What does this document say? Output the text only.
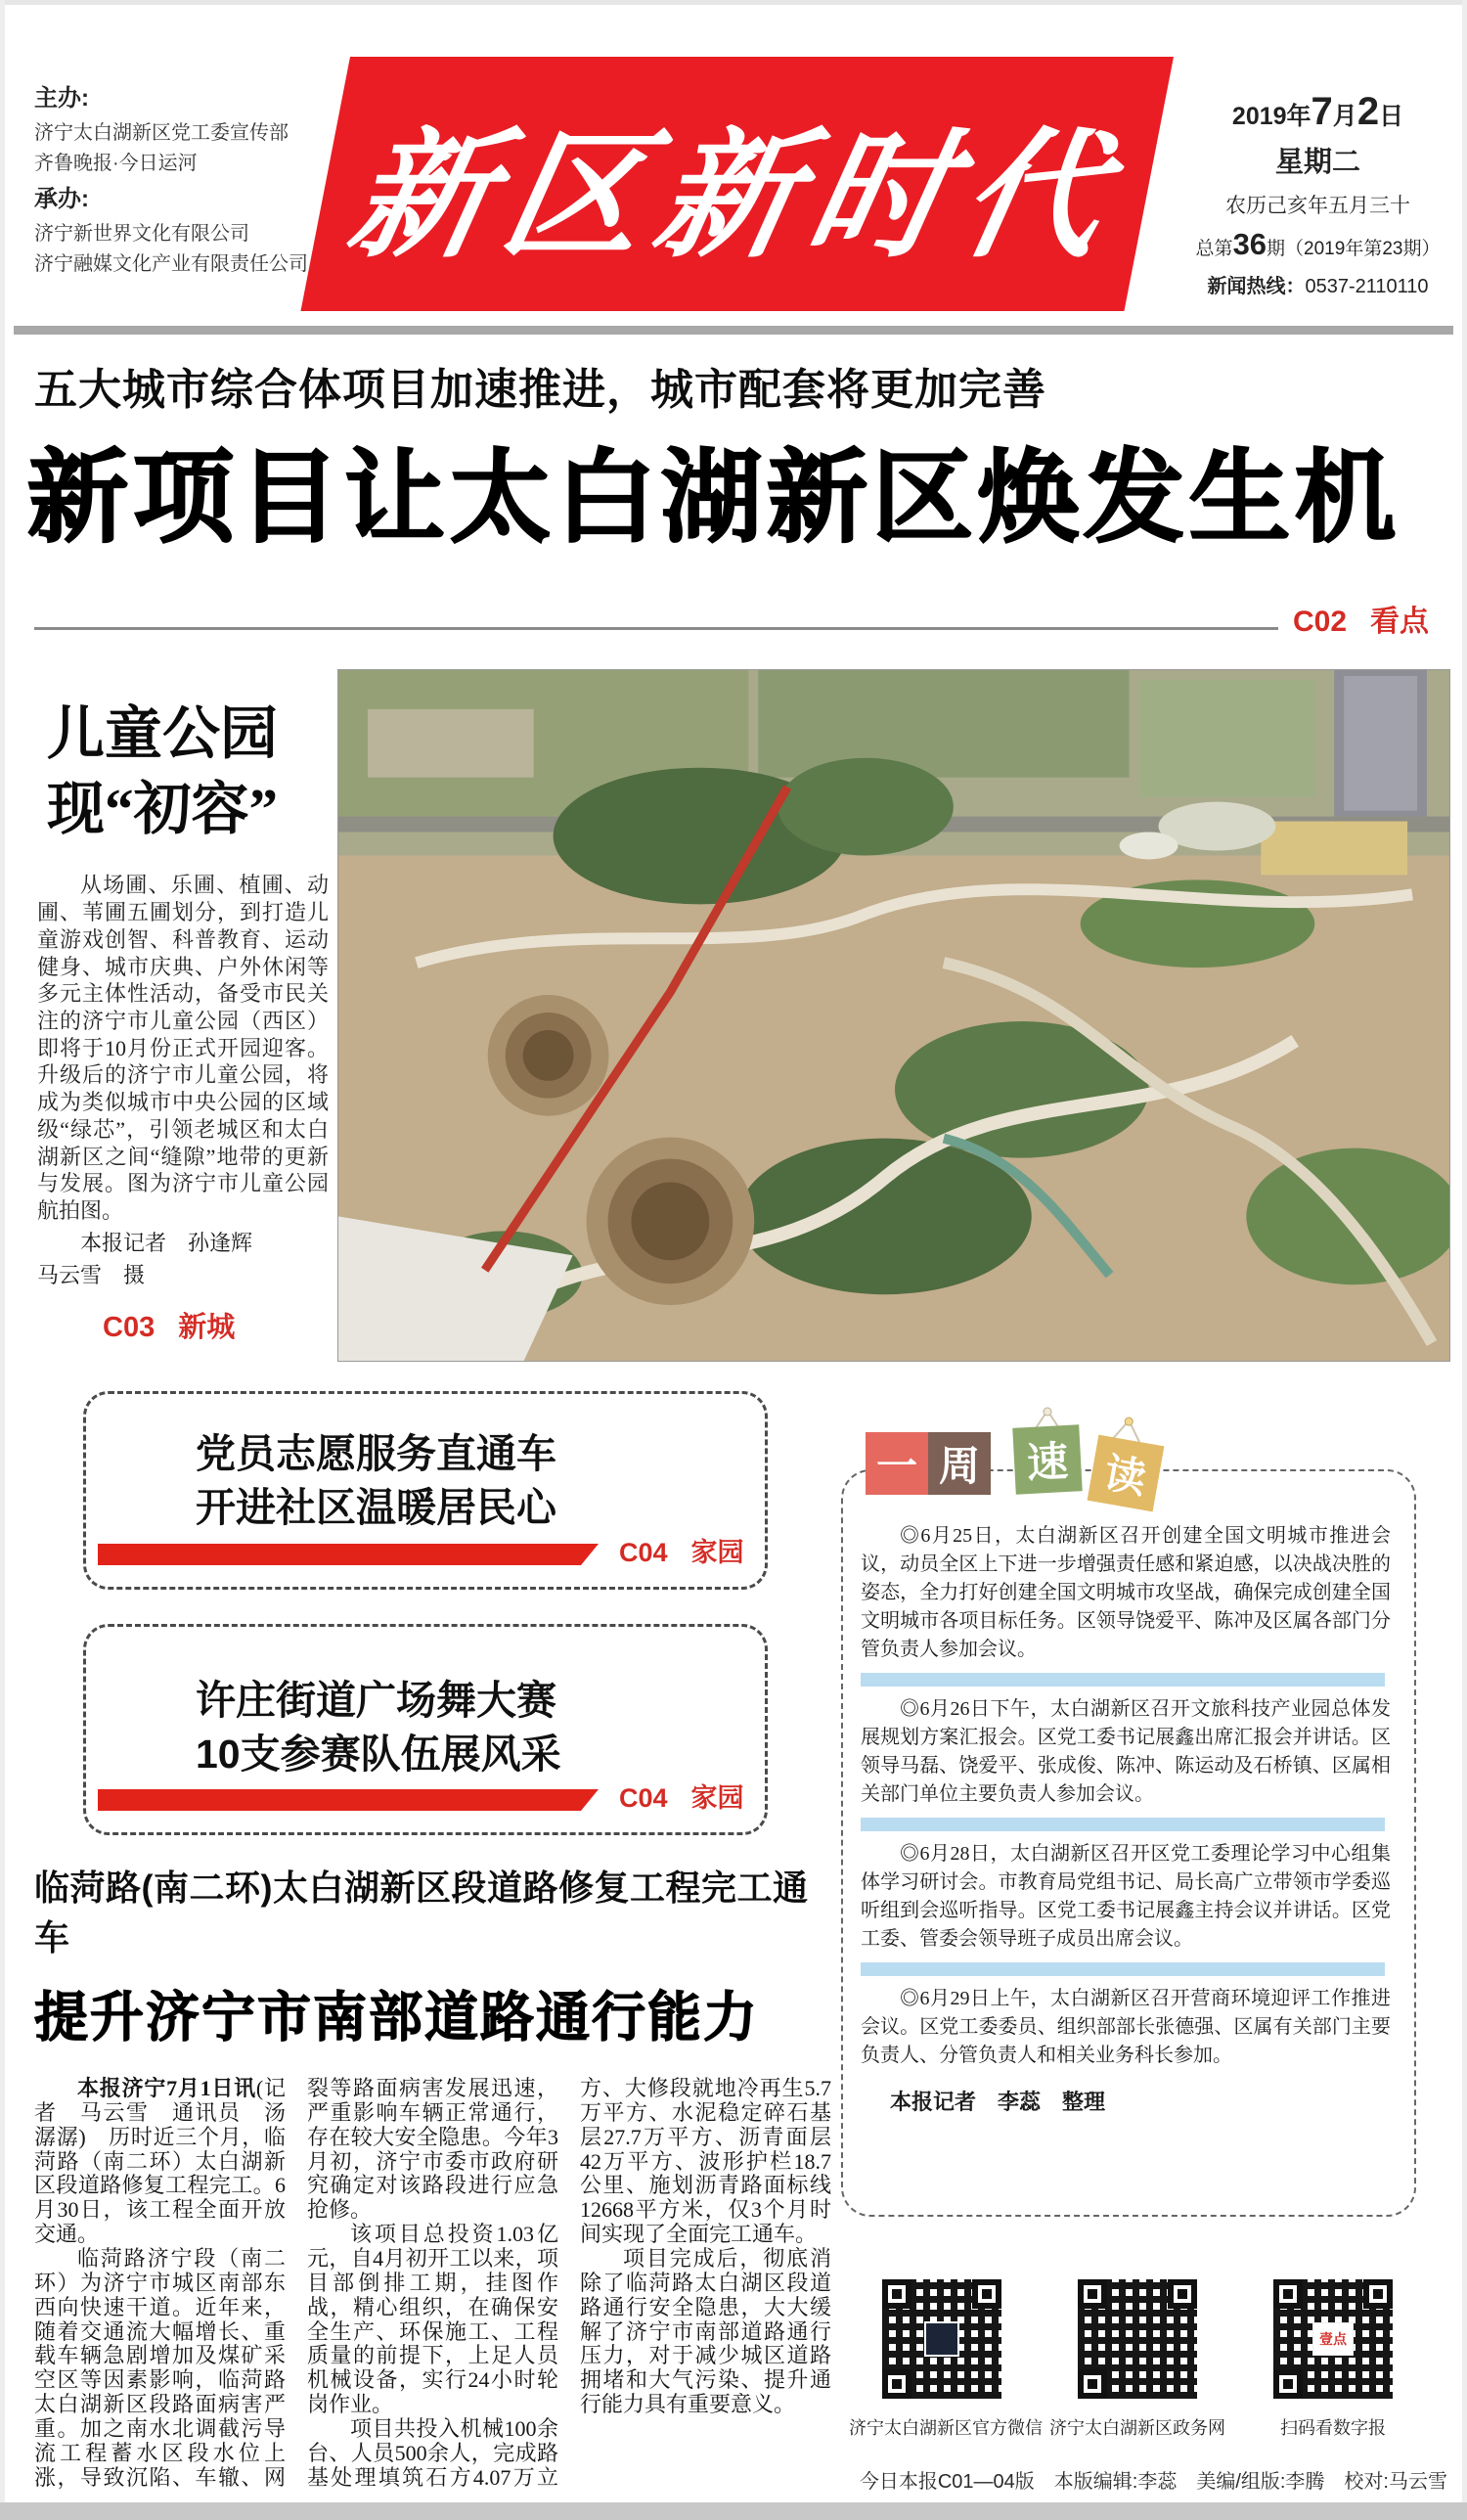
主办:
济宁太白湖新区党工委宣传部
齐鲁晚报·今日运河
承办:
济宁新世界文化有限公司
济宁融媒文化产业有限责任公司 新区新时代	2019年7月2日
星期二
农历己亥年五月三十
总第36期（2019年第23期）
新闻热线：0537-2110110
五大城市综合体项目加速推进，城市配套将更加完善
新项目让太白湖新区焕发生机
C02 看点
儿童公园
现“初容”

从场圃、乐圃、植圃、动圃、苇圃五圃划分，到打造儿童游戏创智、科普教育、运动健身、城市庆典、户外休闲等多元主体性活动，备受市民关注的济宁市儿童公园（西区）即将于10月份正式开园迎客。升级后的济宁市儿童公园，将成为类似城市中央公园的区域级“绿芯”，引领老城区和太白湖新区之间“缝隙”地带的更新与发展。图为济宁市儿童公园航拍图。

本报记者　孙逢辉

马云雪　摄

C03 新城
党员志愿服务直通车
开进社区温暖居民心
C04 家园
许庄街道广场舞大赛
10支参赛队伍展风采
C04 家园

◎6月25日，太白湖新区召开创建全国文明城市推进会议，动员全区上下进一步增强责任感和紧迫感，以决战决胜的姿态，全力打好创建全国文明城市攻坚战，确保完成创建全国文明城市各项目标任务。区领导饶爱平、陈冲及区属各部门分管负责人参加会议。

◎6月26日下午，太白湖新区召开文旅科技产业园总体发展规划方案汇报会。区党工委书记展鑫出席汇报会并讲话。区领导马磊、饶爱平、张成俊、陈冲、陈运动及石桥镇、区属相关部门单位主要负责人参加会议。

◎6月28日，太白湖新区召开区党工委理论学习中心组集体学习研讨会。市教育局党组书记、局长高广立带领市学委巡听组到会巡听指导。区党工委书记展鑫主持会议并讲话。区党工委、管委会领导班子成员出席会议。

◎6月29日上午，太白湖新区召开营商环境迎评工作推进会议。区党工委委员、组织部部长张德强、区属有关部门主要负责人、分管负责人和相关业务科长参加。

本报记者　李蕊　整理

一 周	速 读
临菏路(南二环)太白湖新区段道路修复工程完工通车
提升济宁市南部道路通行能力

本报济宁7月1日讯(记者　马云雪　通讯员　汤潺潺)　历时近三个月，临菏路（南二环）太白湖新区段道路修复工程完工。6月30日，该工程全面开放交通。

临菏路济宁段（南二环）为济宁市城区南部东西向快速干道。近年来，随着交通流大幅增长、重载车辆急剧增加及煤矿采空区等因素影响，临菏路太白湖新区段路面病害严重。加之南水北调截污导流工程蓄水区段水位上涨，导致沉陷、车辙、网裂等路面病害发展迅速，严重影响车辆正常通行，存在较大安全隐患。今年3月初，济宁市委市政府研究确定对该路段进行应急抢修。

该项目总投资1.03亿元，自4月初开工以来，项目部倒排工期，挂图作战，精心组织，在确保安全生产、环保施工、工程质量的前提下，上足人员机械设备，实行24小时轮岗作业。

项目共投入机械100余台、人员500余人，完成路基处理填筑石方4.07万立方、大修段就地冷再生5.7万平方、水泥稳定碎石基层27.7万平方、沥青面层42万平方、波形护栏18.7公里、施划沥青路面标线12668平方米，仅3个月时间实现了全面完工通车。

项目完成后，彻底消除了临菏路太白湖区段道路通行安全隐患，大大缓解了济宁市南部道路通行压力，对于减少城区道路拥堵和大气污染、提升通行能力具有重要意义。

济宁太白湖新区官方微信 济宁太白湖新区政务网
壹点
扫码看数字报
今日本报C01—04版　本版编辑:李蕊　美编/组版:李腾　校对:马云雪
